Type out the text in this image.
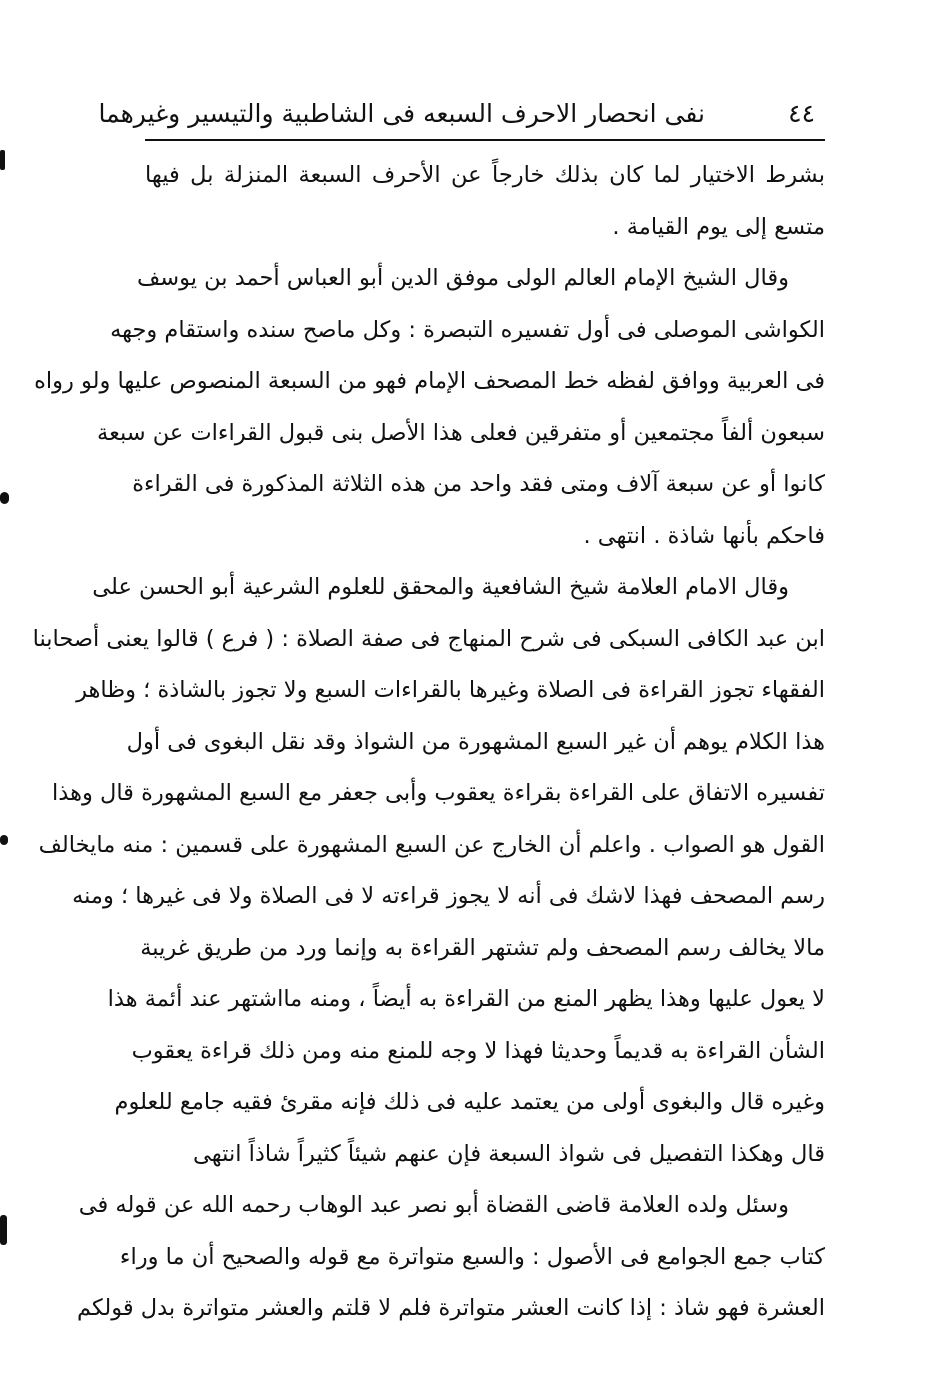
نفى انحصار الاحرف السبعه فى الشاطبية والتيسير وغيرهما	٤٤
بشرط الاختيار لما كان بذلك خارجاً عن الأحرف السبعة المنزلة بل فيها
متسع إلى يوم القيامة .
وقال الشيخ الإمام العالم الولى موفق الدين أبو العباس أحمد بن يوسف
الكواشى الموصلى فى أول تفسيره التبصرة : وكل ماصح سنده واستقام وجهه
فى العربية ووافق لفظه خط المصحف الإمام فهو من السبعة المنصوص عليها ولو رواه
سبعون ألفاً مجتمعين أو متفرقين فعلى هذا الأصل بنى قبول القراءات عن سبعة
كانوا أو عن سبعة آلاف ومتى فقد واحد من هذه الثلاثة المذكورة فى القراءة
فاحكم بأنها شاذة . انتهى .
وقال الامام العلامة شيخ الشافعية والمحقق للعلوم الشرعية أبو الحسن على
ابن عبد الكافى السبكى فى شرح المنهاج فى صفة الصلاة : ( فرع ) قالوا يعنى أصحابنا
الفقهاء تجوز القراءة فى الصلاة وغيرها بالقراءات السبع ولا تجوز بالشاذة ؛ وظاهر
هذا الكلام يوهم أن غير السبع المشهورة من الشواذ وقد نقل البغوى فى أول
تفسيره الاتفاق على القراءة بقراءة يعقوب وأبى جعفر مع السبع المشهورة قال وهذا
القول هو الصواب . واعلم أن الخارج عن السبع المشهورة على قسمين : منه مايخالف
رسم المصحف فهذا لاشك فى أنه لا يجوز قراءته لا فى الصلاة ولا فى غيرها ؛ ومنه
مالا يخالف رسم المصحف ولم تشتهر القراءة به وإنما ورد من طريق غريبة
لا يعول عليها وهذا يظهر المنع من القراءة به أيضاً ، ومنه مااشتهر عند أئمة هذا
الشأن القراءة به قديماً وحديثا فهذا لا وجه للمنع منه ومن ذلك قراءة يعقوب
وغيره قال والبغوى أولى من يعتمد عليه فى ذلك فإنه مقرئ فقيه جامع للعلوم
قال وهكذا التفصيل فى شواذ السبعة فإن عنهم شيئاً كثيراً شاذاً انتهى
وسئل ولده العلامة قاضى القضاة أبو نصر عبد الوهاب رحمه الله عن قوله فى
كتاب جمع الجوامع فى الأصول : والسبع متواترة مع قوله والصحيح أن ما وراء
العشرة فهو شاذ : إذا كانت العشر متواترة فلم لا قلتم والعشر متواترة بدل قولكم
